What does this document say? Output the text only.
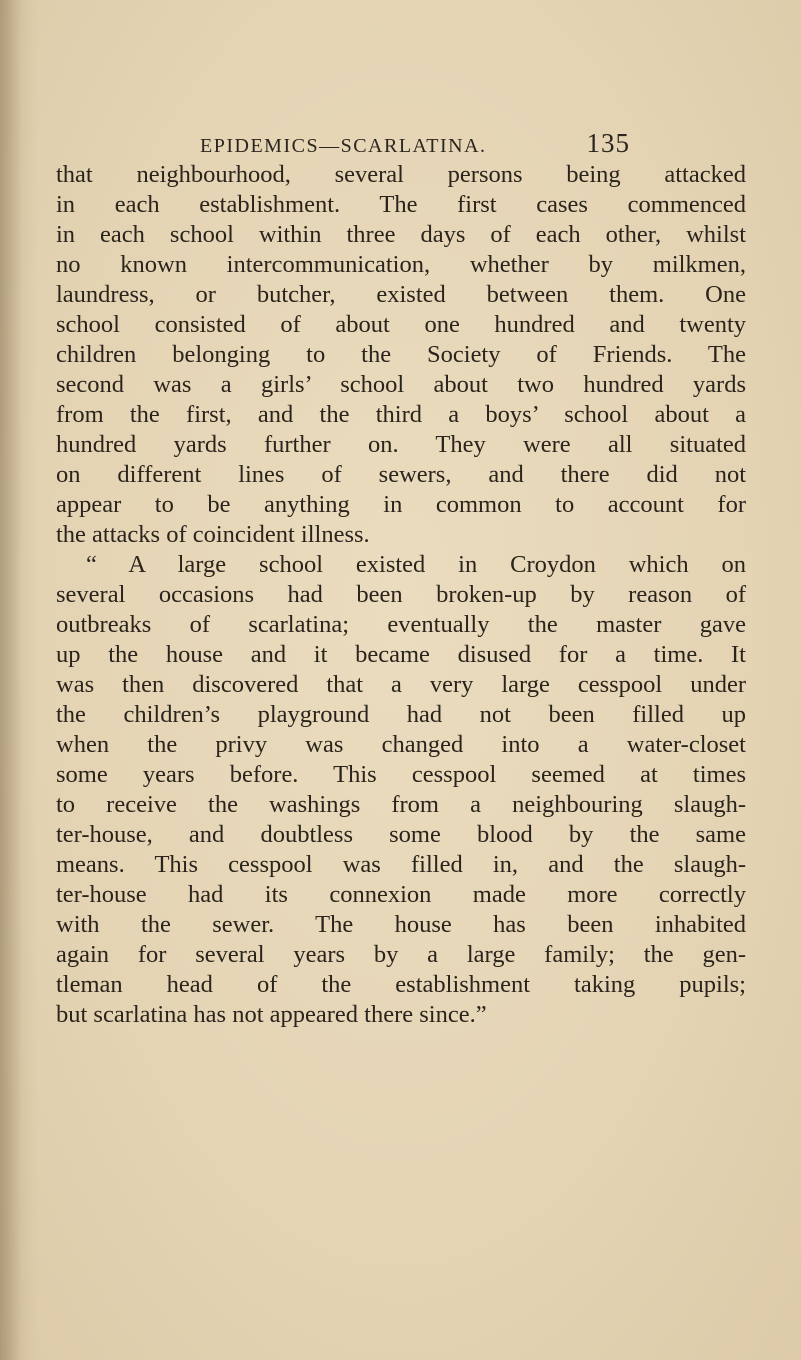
EPIDEMICS—SCARLATINA.	135
that neighbourhood, several persons being attacked
in each establishment. The first cases commenced
in each school within three days of each other, whilst
no known intercommunication, whether by milkmen,
laundress, or butcher, existed between them. One
school consisted of about one hundred and twenty
children belonging to the Society of Friends. The
second was a girls’ school about two hundred yards
from the first, and the third a boys’ school about a
hundred yards further on. They were all situated
on different lines of sewers, and there did not
appear to be anything in common to account for
the attacks of coincident illness.
“ A large school existed in Croydon which on
several occasions had been broken-up by reason of
outbreaks of scarlatina; eventually the master gave
up the house and it became disused for a time. It
was then discovered that a very large cesspool under
the children’s playground had not been filled up
when the privy was changed into a water-closet
some years before. This cesspool seemed at times
to receive the washings from a neighbouring slaugh-
ter-house, and doubtless some blood by the same
means. This cesspool was filled in, and the slaugh-
ter-house had its connexion made more correctly
with the sewer. The house has been inhabited
again for several years by a large family; the gen-
tleman head of the establishment taking pupils;
but scarlatina has not appeared there since.”
